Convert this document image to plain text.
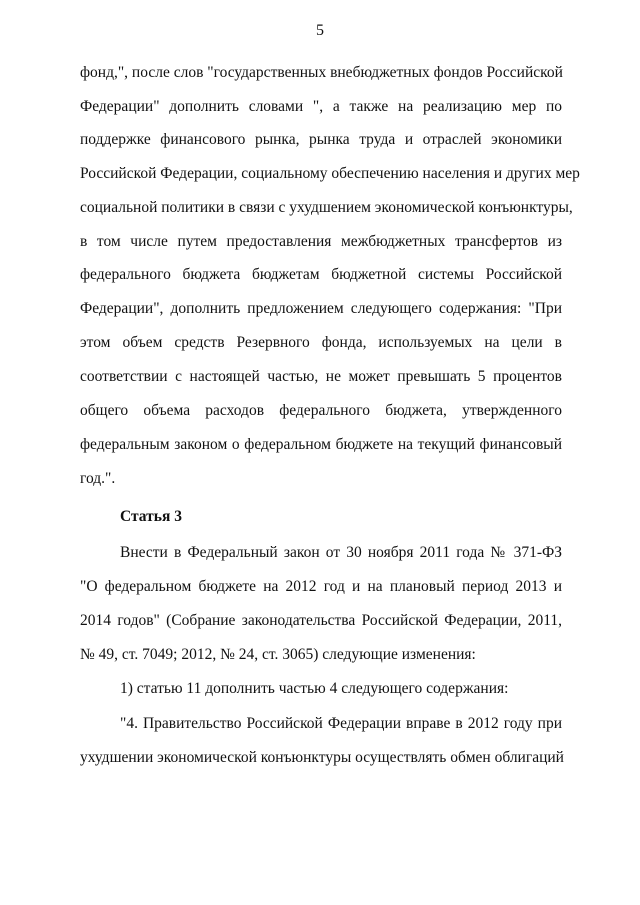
5
фонд,", после слов "государственных внебюджетных фондов Российской
Федерации" дополнить словами ", а также на реализацию мер по
поддержке финансового рынка, рынка труда и отраслей экономики
Российской Федерации, социальному обеспечению населения и других мер
социальной политики в связи с ухудшением экономической конъюнктуры,
в том числе путем предоставления межбюджетных трансфертов из
федерального бюджета бюджетам бюджетной системы Российской
Федерации", дополнить предложением следующего содержания: "При
этом объем средств Резервного фонда, используемых на цели в
соответствии с настоящей частью, не может превышать 5 процентов
общего объема расходов федерального бюджета, утвержденного
федеральным законом о федеральном бюджете на текущий финансовый
год.".
Статья 3
Внести в Федеральный закон от 30 ноября 2011 года № 371-ФЗ
"О федеральном бюджете на 2012 год и на плановый период 2013 и
2014 годов" (Собрание законодательства Российской Федерации, 2011,
№ 49, ст. 7049; 2012, № 24, ст. 3065) следующие изменения:
1) статью 11 дополнить частью 4 следующего содержания:
"4. Правительство Российской Федерации вправе в 2012 году при
ухудшении экономической конъюнктуры осуществлять обмен облигаций
